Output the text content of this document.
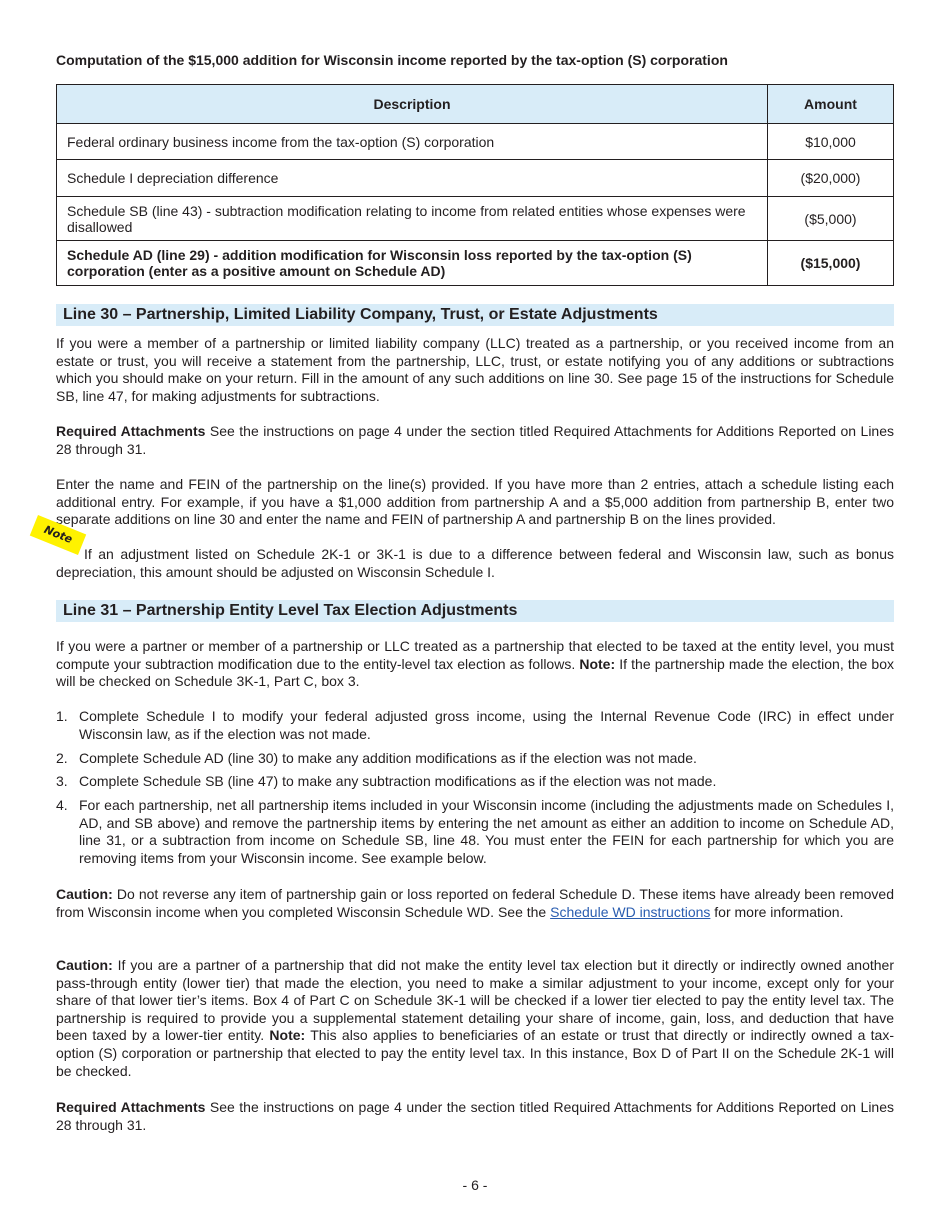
Computation of the $15,000 addition for Wisconsin income reported by the tax-option (S) corporation
Description	Amount
Federal ordinary business income from the tax-option (S) corporation	$10,000
Schedule I depreciation difference	($20,000)
Schedule SB (line 43) - subtraction modification relating to income from related entities whose expenses were disallowed	($5,000)
Schedule AD (line 29) - addition modification for Wisconsin loss reported by the tax-option (S) corporation (enter as a positive amount on Schedule AD)	($15,000)
Line 30 – Partnership, Limited Liability Company, Trust, or Estate Adjustments

If you were a member of a partnership or limited liability company (LLC) treated as a partnership, or you received income from an estate or trust, you will receive a statement from the partnership, LLC, trust, or estate notifying you of any additions or subtractions which you should make on your return. Fill in the amount of any such additions on line 30. See page 15 of the instructions for Schedule SB, line 47, for making adjustments for subtractions.

Required Attachments See the instructions on page 4 under the section titled Required Attachments for Additions Reported on Lines 28 through 31.

Enter the name and FEIN of the partnership on the line(s) provided. If you have more than 2 entries, attach a schedule listing each additional entry. For example, if you have a $1,000 addition from partnership A and a $5,000 addition from partnership B, enter two separate additions on line 30 and enter the name and FEIN of partnership A and partnership B on the lines provided.

Note

If an adjustment listed on Schedule 2K-1 or 3K-1 is due to a difference between federal and Wisconsin law, such as bonus depreciation, this amount should be adjusted on Wisconsin Schedule I.

Line 31 – Partnership Entity Level Tax Election Adjustments

If you were a partner or member of a partnership or LLC treated as a partnership that elected to be taxed at the entity level, you must compute your subtraction modification due to the entity-level tax election as follows. Note: If the partnership made the election, the box will be checked on Schedule 3K-1, Part C, box 3.

1. Complete Schedule I to modify your federal adjusted gross income, using the Internal Revenue Code (IRC) in effect under Wisconsin law, as if the election was not made.
2. Complete Schedule AD (line 30) to make any addition modifications as if the election was not made.
3. Complete Schedule SB (line 47) to make any subtraction modifications as if the election was not made.
4. For each partnership, net all partnership items included in your Wisconsin income (including the adjustments made on Schedules I, AD, and SB above) and remove the partnership items by entering the net amount as either an addition to income on Schedule AD, line 31, or a subtraction from income on Schedule SB, line 48. You must enter the FEIN for each partnership for which you are removing items from your Wisconsin income. See example below.

Caution: Do not reverse any item of partnership gain or loss reported on federal Schedule D. These items have already been removed from Wisconsin income when you completed Wisconsin Schedule WD. See the Schedule WD instructions for more information.

Caution: If you are a partner of a partnership that did not make the entity level tax election but it directly or indirectly owned another pass-through entity (lower tier) that made the election, you need to make a similar adjustment to your income, except only for your share of that lower tier’s items. Box 4 of Part C on Schedule 3K-1 will be checked if a lower tier elected to pay the entity level tax. The partnership is required to provide you a supplemental statement detailing your share of income, gain, loss, and deduction that have been taxed by a lower-tier entity. Note: This also applies to beneficiaries of an estate or trust that directly or indirectly owned a tax-option (S) corporation or partnership that elected to pay the entity level tax. In this instance, Box D of Part II on the Schedule 2K-1 will be checked.

Required Attachments See the instructions on page 4 under the section titled Required Attachments for Additions Reported on Lines 28 through 31.

- 6 -
